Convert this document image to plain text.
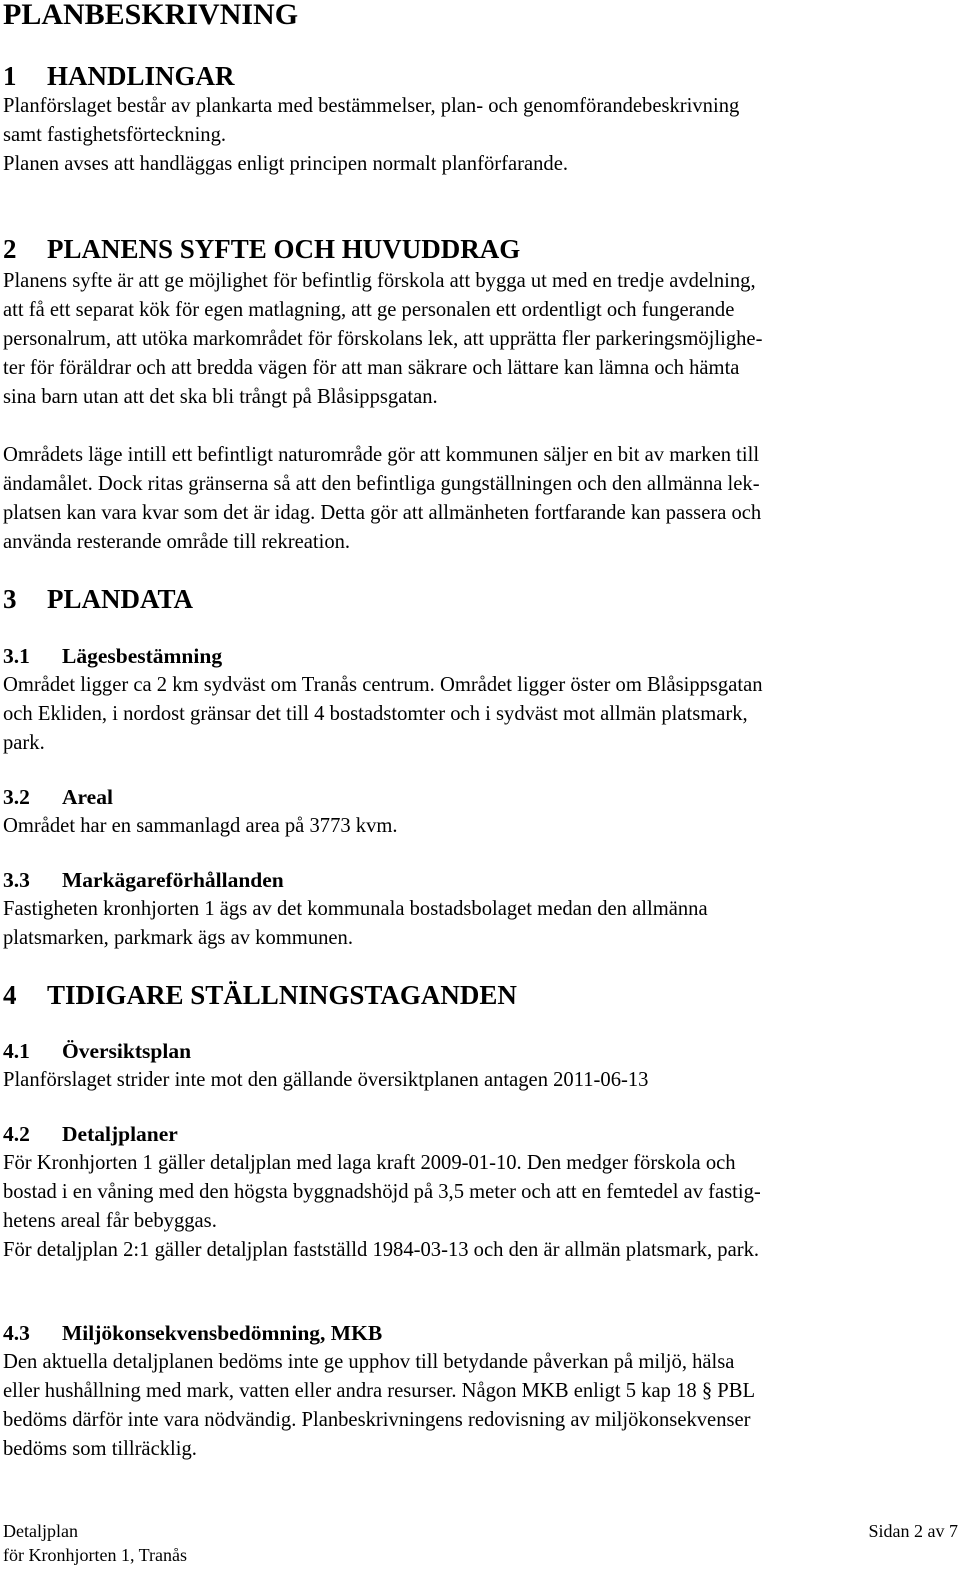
PLANBESKRIVNING
1 HANDLINGAR

Planförslaget består av plankarta med bestämmelser, plan- och genomförandebeskrivning
samt fastighetsförteckning.
Planen avses att handläggas enligt principen normalt planförfarande.

2 PLANENS SYFTE OCH HUVUDDRAG

Planens syfte är att ge möjlighet för befintlig förskola att bygga ut med en tredje avdelning,
att få ett separat kök för egen matlagning, att ge personalen ett ordentligt och fungerande
personalrum, att utöka markområdet för förskolans lek, att upprätta fler parkeringsmöjlighe-
ter för föräldrar och att bredda vägen för att man säkrare och lättare kan lämna och hämta
sina barn utan att det ska bli trångt på Blåsippsgatan.

Områdets läge intill ett befintligt naturområde gör att kommunen säljer en bit av marken till
ändamålet. Dock ritas gränserna så att den befintliga gungställningen och den allmänna lek-
platsen kan vara kvar som det är idag. Detta gör att allmänheten fortfarande kan passera och
använda resterande område till rekreation.

3 PLANDATA
3.1 Lägesbestämning

Området ligger ca 2 km sydväst om Tranås centrum. Området ligger öster om Blåsippsgatan
och Ekliden, i nordost gränsar det till 4 bostadstomter och i sydväst mot allmän platsmark,
park.

3.2 Areal

Området har en sammanlagd area på 3773 kvm.

3.3 Markägareförhållanden

Fastigheten kronhjorten 1 ägs av det kommunala bostadsbolaget medan den allmänna
platsmarken, parkmark ägs av kommunen.

4 TIDIGARE STÄLLNINGSTAGANDEN
4.1 Översiktsplan

Planförslaget strider inte mot den gällande översiktplanen antagen 2011-06-13

4.2 Detaljplaner

För Kronhjorten 1 gäller detaljplan med laga kraft 2009-01-10. Den medger förskola och
bostad i en våning med den högsta byggnadshöjd på 3,5 meter och att en femtedel av fastig-
hetens areal får bebyggas.
För detaljplan 2:1 gäller detaljplan fastställd 1984-03-13 och den är allmän platsmark, park.

4.3 Miljökonsekvensbedömning, MKB

Den aktuella detaljplanen bedöms inte ge upphov till betydande påverkan på miljö, hälsa
eller hushållning med mark, vatten eller andra resurser. Någon MKB enligt 5 kap 18 § PBL
bedöms därför inte vara nödvändig. Planbeskrivningens redovisning av miljökonsekvenser
bedöms som tillräcklig.

Detaljplan
för Kronhjorten 1, Tranås
Sidan 2 av 7
